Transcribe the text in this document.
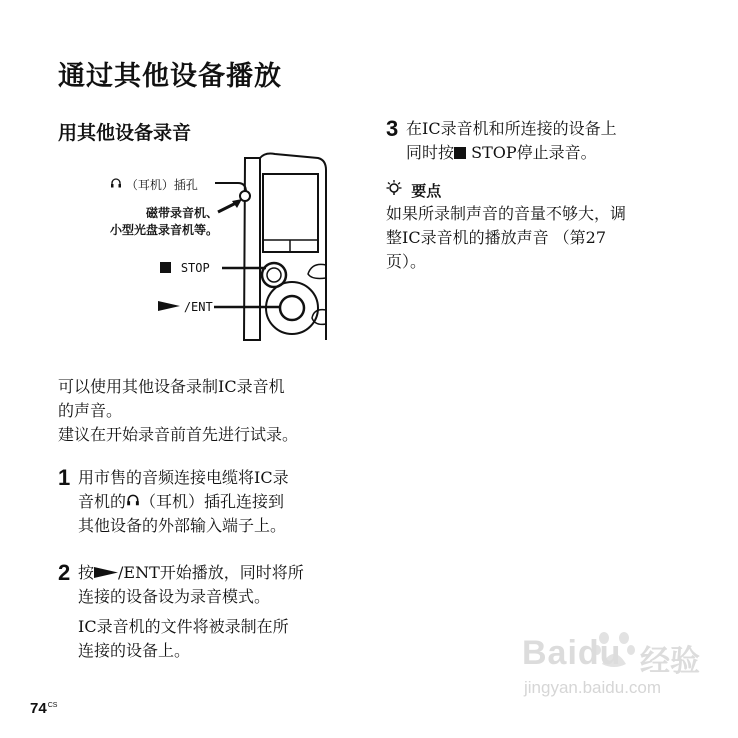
通过其他设备播放
用其他设备录音
（耳机）插孔
磁带录音机、
小型光盘录音机等。
STOP
/ENT
可以使用其他设备录制IC录音机
的声音。
建议在开始录音前首先进行试录。
1 用市售的音频连接电缆将IC录
音机的 （耳机）插孔连接到
其他设备的外部输入端子上。
2 按 /ENT开始播放，同时将所
连接的设备设为录音模式。
IC录音机的文件将被录制在所
连接的设备上。
3 在IC录音机和所连接的设备上
同时按 STOP停止录音。
要点
如果所录制声音的音量不够大，调
整IC录音机的播放声音 （第27
页）。
$74^{CS}$
Baidu 经验
jingyan.baidu.com
